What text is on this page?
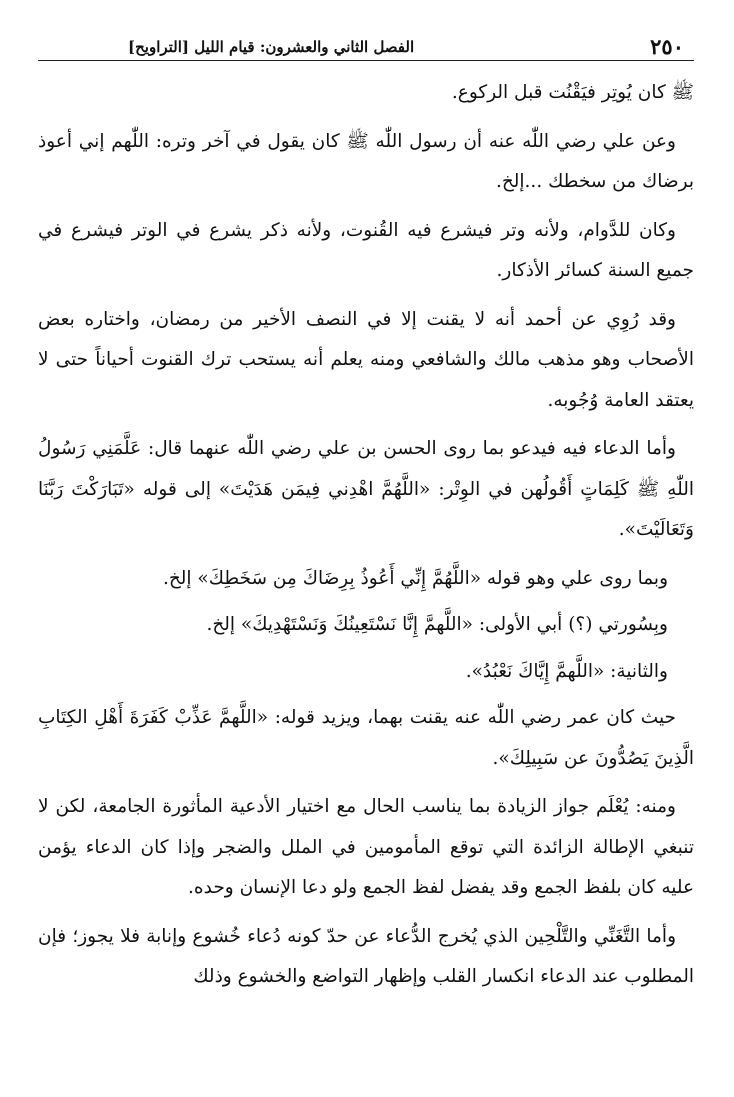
٢٥٠
الفصل الثاني والعشرون: قيام الليل [التراويح]

ﷺ كان يُوتِر فيَقْنُت قبل الركوع.

وعن علي رضي اللّٰه عنه أن رسول اللّٰه ﷺ كان يقول في آخر وتره: اللّٰهم إني أعوذ برضاك من سخطك ...إلخ.

وكان للدَّوام، ولأنه وتر فيشرع فيه القُنوت، ولأنه ذكر يشرع في الوتر فيشرع في جميع السنة كسائر الأذكار.

وقد رُوِي عن أحمد أنه لا يقنت إلا في النصف الأخير من رمضان، واختاره بعض الأصحاب وهو مذهب مالك والشافعي ومنه يعلم أنه يستحب ترك القنوت أحياناً حتى لا يعتقد العامة وُجُوبه.

وأما الدعاء فيه فيدعو بما روى الحسن بن علي رضي اللّٰه عنهما قال: عَلَّمَنِي رَسُولُ اللّٰهِ ﷺ كَلِمَاتٍ أَقُولُهن في الوِتْر: «اللَّهُمَّ اهْدِني فِيمَن هَدَيْتَ» إلى قوله «تَبَارَكْتَ رَبَّنَا وَتَعَالَيْتَ».

وبما روى علي وهو قوله «اللَّهُمَّ إِنِّي أَعُوذُ بِرِضَاكَ مِن سَخَطِكَ» إلخ.

وبِسُورتي (؟) أبي الأولى: «اللَّهمَّ إِنَّا نَسْتَعِينُكَ وَنَسْتَهْدِيكَ» إلخ.

والثانية: «اللَّهمَّ إِيَّاكَ نَعْبُدُ».

حيث كان عمر رضي اللّٰه عنه يقنت بهما، ويزيد قوله: «اللَّهمَّ عَذِّبْ كَفَرَةَ أَهْلِ الكِتَابِ الَّذِينَ يَصُدُّونَ عن سَبِيلِكَ».

ومنه: يُعْلَم جواز الزيادة بما يناسب الحال مع اختيار الأدعية المأثورة الجامعة، لكن لا تنبغي الإطالة الزائدة التي توقع المأمومين في الملل والضجر وإذا كان الدعاء يؤمن عليه كان بلفظ الجمع وقد يفضل لفظ الجمع ولو دعا الإنسان وحده.

وأما التَّغَنِّي والتَّلْحِين الذي يُخرج الدُّعاء عن حدّ كونه دُعاء خُشوع وإنابة فلا يجوز؛ فإن المطلوب عند الدعاء انكسار القلب وإظهار التواضع والخشوع وذلك
